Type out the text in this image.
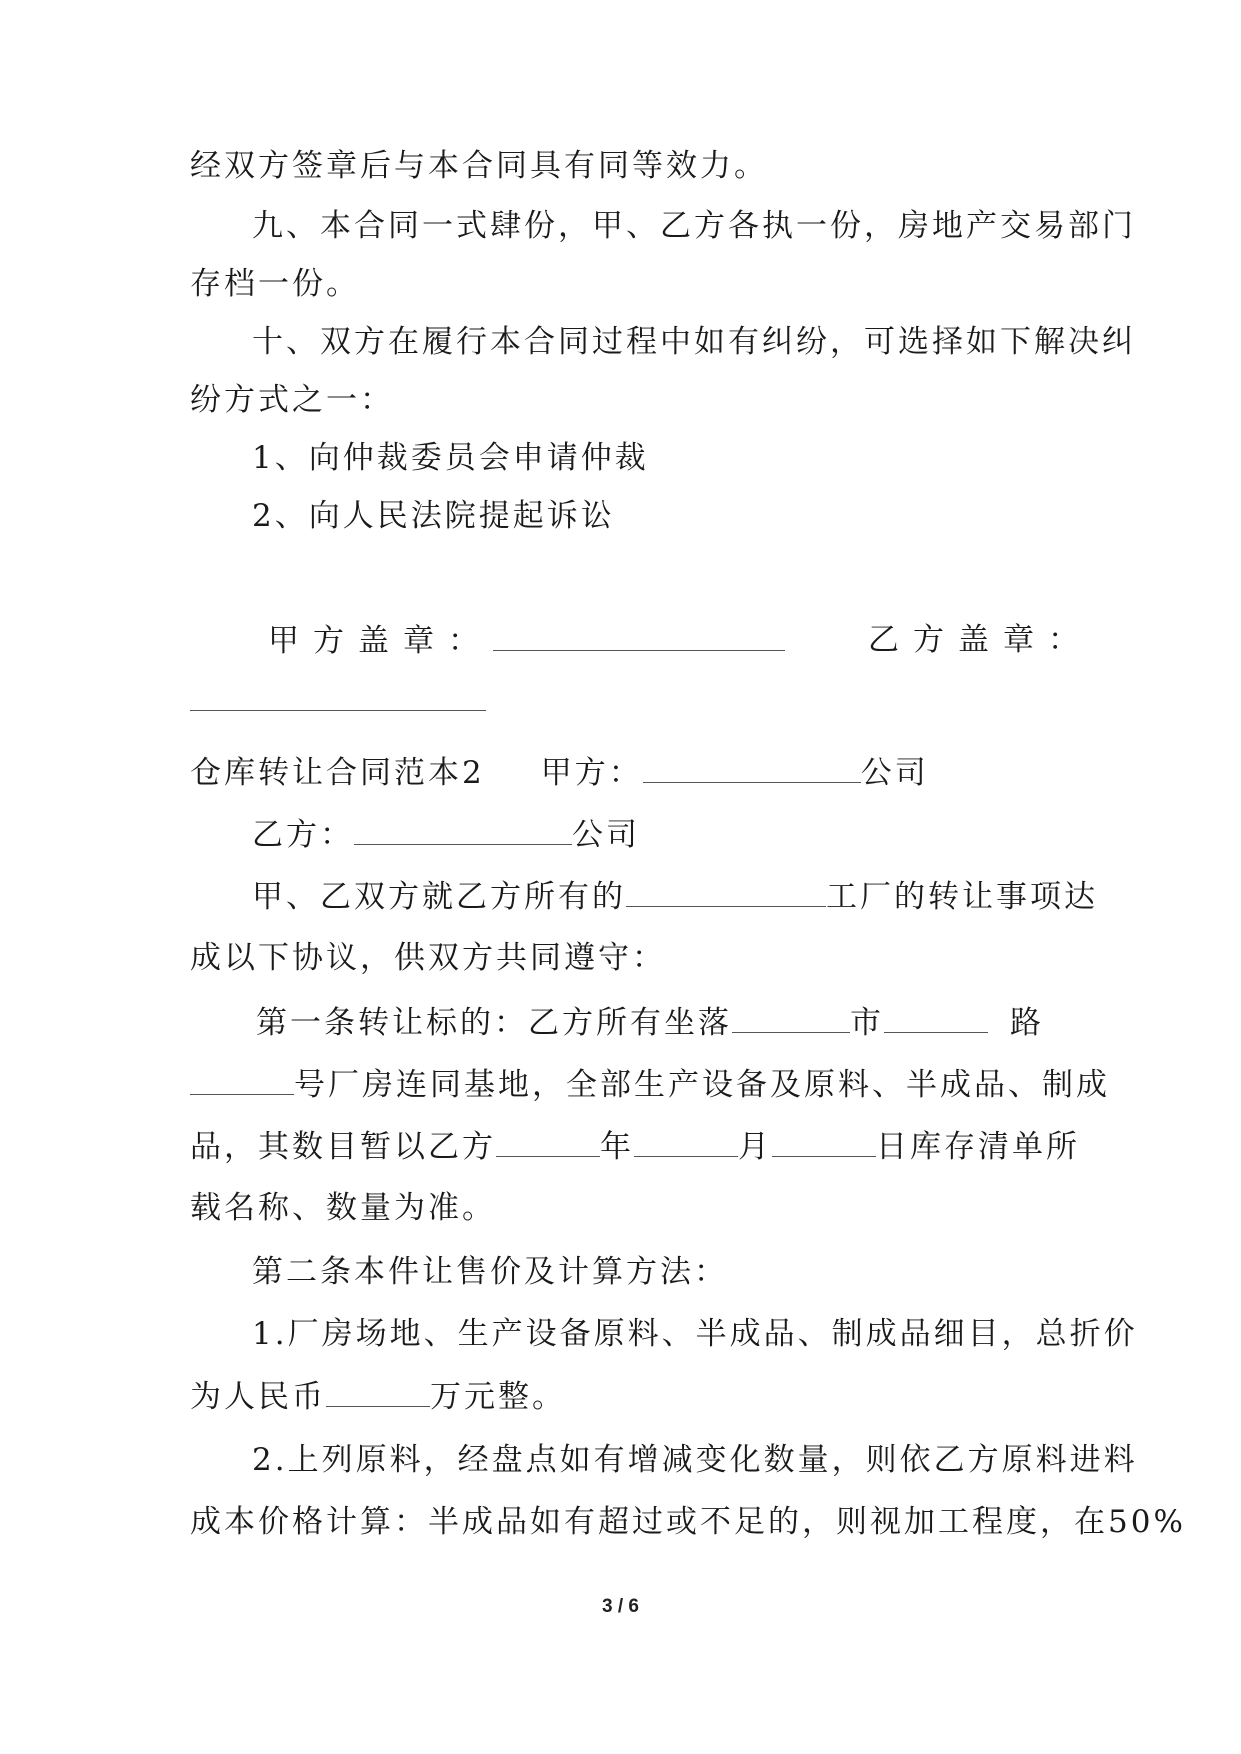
经双方签章后与本合同具有同等效力。
九、本合同一式肆份，甲、乙方各执一份，房地产交易部门
存档一份。
十、双方在履行本合同过程中如有纠纷，可选择如下解决纠
纷方式之一：
1、向仲裁委员会申请仲裁
2、向人民法院提起诉讼
甲方盖章：	乙方盖章：
仓库转让合同范本2 甲方：	公司
乙方：	公司
甲、乙双方就乙方所有的	工厂的转让事项达
成以下协议，供双方共同遵守：
第一条转让标的：乙方所有坐落	市	路
号厂房连同基地，全部生产设备及原料、半成品、制成
品，其数目暂以乙方	年	月	日库存清单所
载名称、数量为准。
第二条本件让售价及计算方法：
1.厂房场地、生产设备原料、半成品、制成品细目，总折价
为人民币	万元整。
2.上列原料，经盘点如有增减变化数量，则依乙方原料进料
成本价格计算：半成品如有超过或不足的，则视加工程度，在50%
3 / 6
